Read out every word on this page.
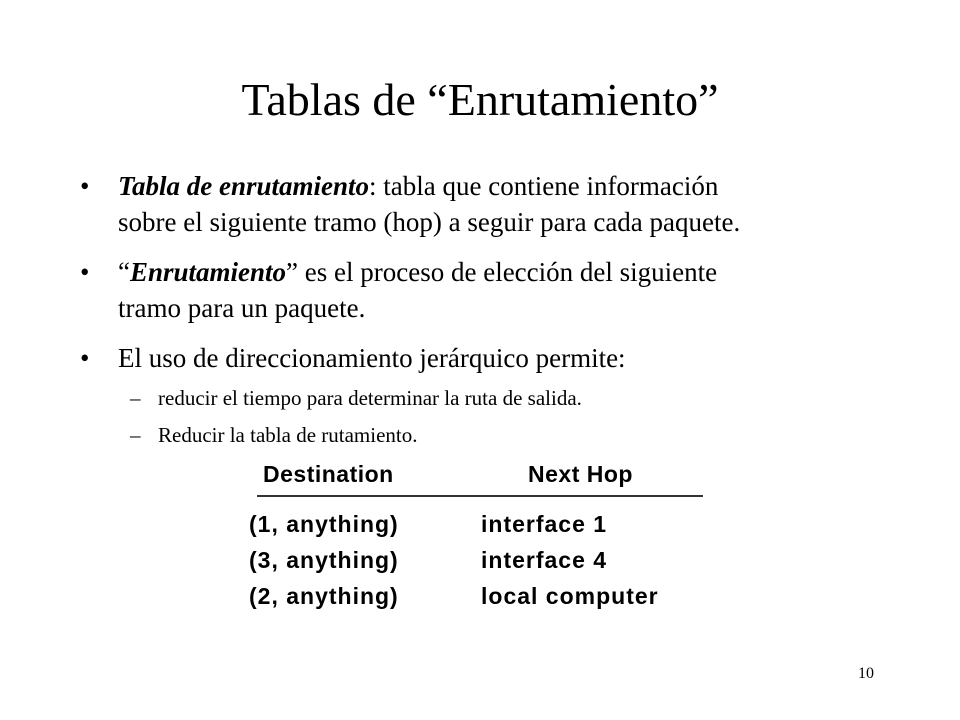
Tablas de “Enrutamiento”
• Tabla de enrutamiento: tabla que contiene información
sobre el siguiente tramo (hop) a seguir para cada paquete.
• “Enrutamiento” es el proceso de elección del siguiente
tramo para un paquete.
• El uso de direccionamiento jerárquico permite:
– reducir el tiempo para determinar la ruta de salida.
– Reducir la tabla de rutamiento.
Destination	Next Hop
(1, anything)	interface 1
(3, anything)	interface 4
(2, anything)	local computer
10
